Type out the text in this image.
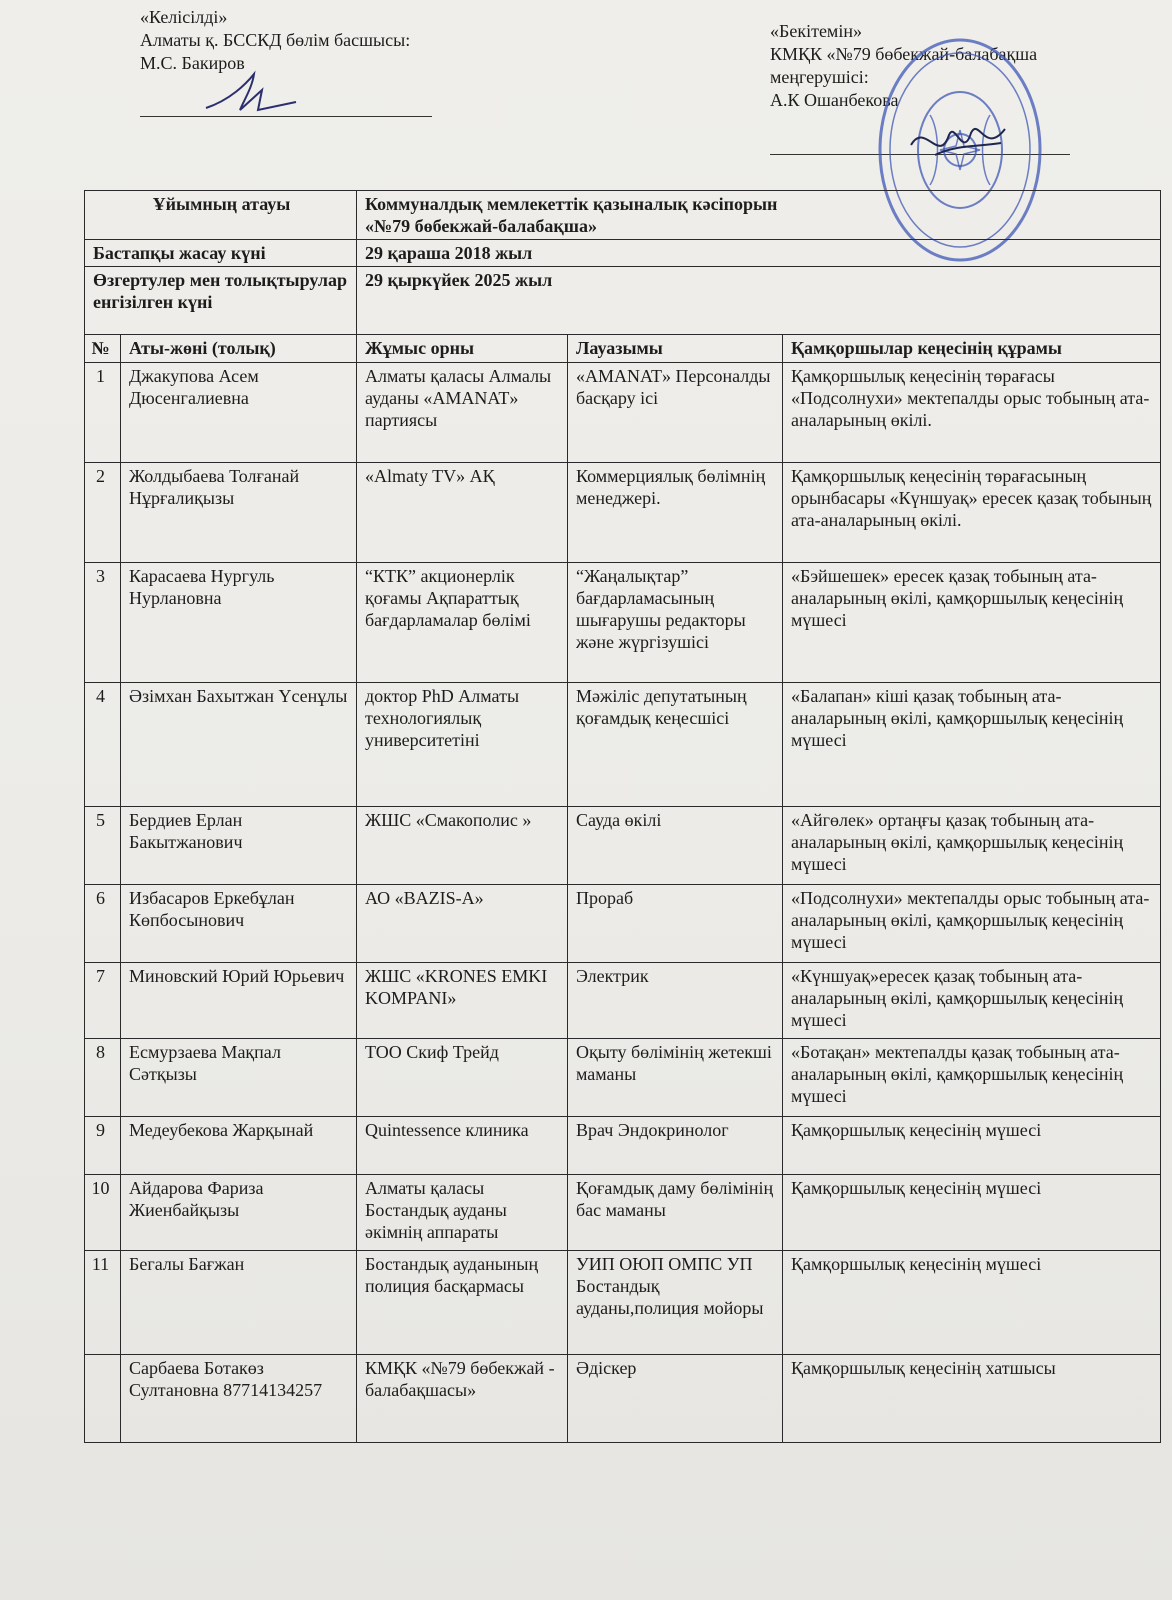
«Келісілді»
Алматы қ. БССКД бөлім басшысы:
М.С. Бакиров
«Бекітемін»
КМҚК «№79 бөбекжай-балабақша
меңгерушісі:
А.К Ошанбекова
Ұйымның атауы		Коммуналдық мемлекеттік қазыналық кәсіпорын
«№79 бөбекжай-балабақша»		

Бастапқы жасау күні		29 қараша 2018 жыл		
Өзгертулер мен толықтырулар енгізілген күні		29 қыркүйек 2025 жыл		
№	Аты-жөні (толық)	Жұмыс орны	Лауазымы	Қамқоршылар кеңесінің құрамы
1	Джакупова Асем Дюсенгалиевна	Алматы қаласы Алмалы ауданы «AMANAT» партиясы	«AMANAT» Персоналды басқару ісі	Қамқоршылық кеңесінің төрағасы «Подсолнухи» мектепалды орыс тобының ата-аналарының өкілі.
2	Жолдыбаева Толғанай Нұрғалиқызы	«Almaty TV» АҚ	Коммерциялық бөлімнің менеджері.	Қамқоршылық кеңесінің төрағасының орынбасары «Күншуақ» ересек қазақ тобының ата-аналарының өкілі.
3	Карасаева Нургуль Нурлановна	“КТК” акционерлік қоғамы Ақпараттық бағдарламалар бөлімі	“Жаңалықтар” бағдарламасының шығарушы редакторы және жүргізушісі	«Бэйшешек» ересек қазақ тобының ата-аналарының өкілі, қамқоршылық кеңесінің мүшесі
4	Әзімхан Бахытжан Үсенұлы	доктор PhD Алматы технологиялық университетіні	Мәжіліс депутатының қоғамдық кеңесшісі	«Балапан» кіші қазақ тобының ата-аналарының өкілі, қамқоршылық кеңесінің мүшесі
5	Бердиев Ерлан Бакытжанович	ЖШС «Смакополис »	Сауда өкілі	«Айгөлек» ортаңғы қазақ тобының ата-аналарының өкілі, қамқоршылық кеңесінің мүшесі
6	Избасаров Еркебұлан Көпбосынович	АО «BAZIS-A»	Прораб	«Подсолнухи» мектепалды орыс тобының ата-аналарының өкілі, қамқоршылық кеңесінің мүшесі
7	Миновский Юрий Юрьевич	ЖШС «KRONES EMKI KOMPANI»	Электрик	«Күншуақ»ересек қазақ тобының ата-аналарының өкілі, қамқоршылық кеңесінің мүшесі
8	Есмурзаева Мақпал Сәтқызы	ТОО Скиф Трейд	Оқыту бөлімінің жетекші маманы	«Ботақан» мектепалды қазақ тобының ата-аналарының өкілі, қамқоршылық кеңесінің мүшесі
9	Медеубекова Жарқынай	Quintessence клиника	Врач Эндокринолог	Қамқоршылық кеңесінің мүшесі
10	Айдарова Фариза Жиенбайқызы	Алматы қаласы Бостандық ауданы әкімнің аппараты	Қоғамдық даму бөлімінің бас маманы	Қамқоршылық кеңесінің мүшесі
11	Бегалы Бағжан	Бостандық ауданының полиция басқармасы	УИП ОЮП ОМПС УП Бостандық ауданы,полиция мойоры	Қамқоршылық кеңесінің мүшесі
	Сарбаева Ботакөз Султановна 87714134257	КМҚК «№79 бөбекжай - балабақшасы»	Әдіскер	Қамқоршылық кеңесінің хатшысы
